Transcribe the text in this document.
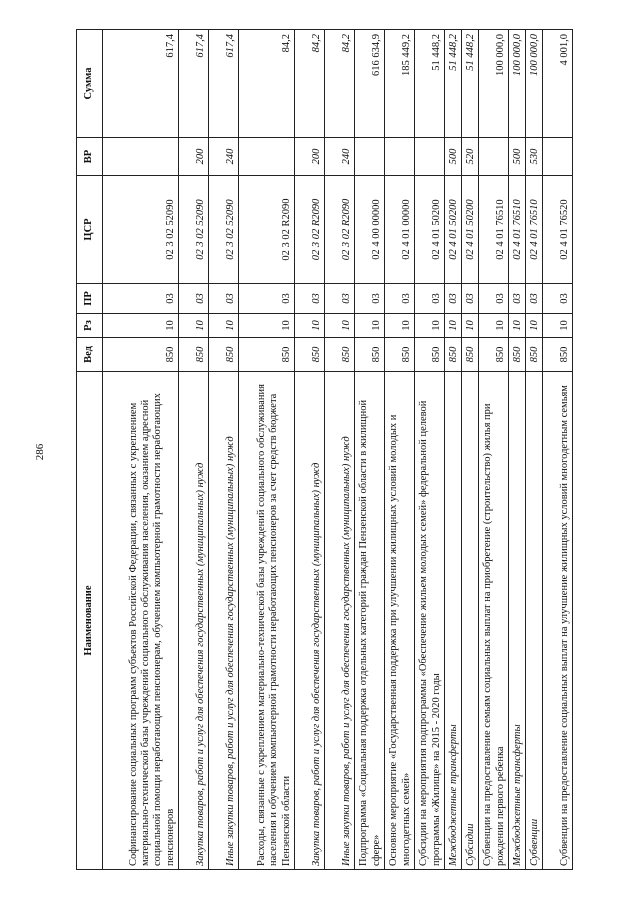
286
Наименование	Вед	Рз	ПР	ЦСР	ВР	Сумма
Софинансирование социальных программ субъектов Российской Федерации, связанных с укреплением материально-технической базы учреждений социального обслуживания населения, оказанием адресной социальной помощи неработающим пенсионерам, обучением компьютерной грамотности неработающих пенсионеров	850	10	03	02 3 02 52090		617,4
Закупка товаров, работ и услуг для обеспечения государственных (муниципальных) нужд	850	10	03	02 3 02 52090	200	617,4
Иные закупки товаров, работ и услуг для обеспечения государственных (муниципальных) нужд	850	10	03	02 3 02 52090	240	617,4
Расходы, связанные с укреплением материально-технической базы учреждений социального обслуживания населения и обучением компьютерной грамотности неработающих пенсионеров за счет средств бюджета Пензенской области	850	10	03	02 3 02 R2090		84,2
Закупка товаров, работ и услуг для обеспечения государственных (муниципальных) нужд	850	10	03	02 3 02 R2090	200	84,2
Иные закупки товаров, работ и услуг для обеспечения государственных (муниципальных) нужд	850	10	03	02 3 02 R2090	240	84,2
Подпрограмма «Социальная поддержка отдельных категорий граждан Пензенской области в жилищной сфере»	850	10	03	02 4 00 00000		616 634,9
Основное мероприятие «Государственная поддержка при улучшении жилищных условий молодых и многодетных семей»	850	10	03	02 4 01 00000		185 449,2
Субсидии на мероприятия подпрограммы «Обеспечение жильем молодых семей» федеральной целевой программы «Жилище» на 2015 - 2020 годы	850	10	03	02 4 01 50200		51 448,2
Межбюджетные трансферты	850	10	03	02 4 01 50200	500	51 448,2
Субсидии	850	10	03	02 4 01 50200	520	51 448,2
Субвенции на предоставление семьям социальных выплат на приобретение (строительство) жилья при рождении первого ребенка	850	10	03	02 4 01 76510		100 000,0
Межбюджетные трансферты	850	10	03	02 4 01 76510	500	100 000,0
Субвенции	850	10	03	02 4 01 76510	530	100 000,0
Субвенции на предоставление социальных выплат на улучшение жилищных условий многодетным семьям	850	10	03	02 4 01 76520		4 001,0
